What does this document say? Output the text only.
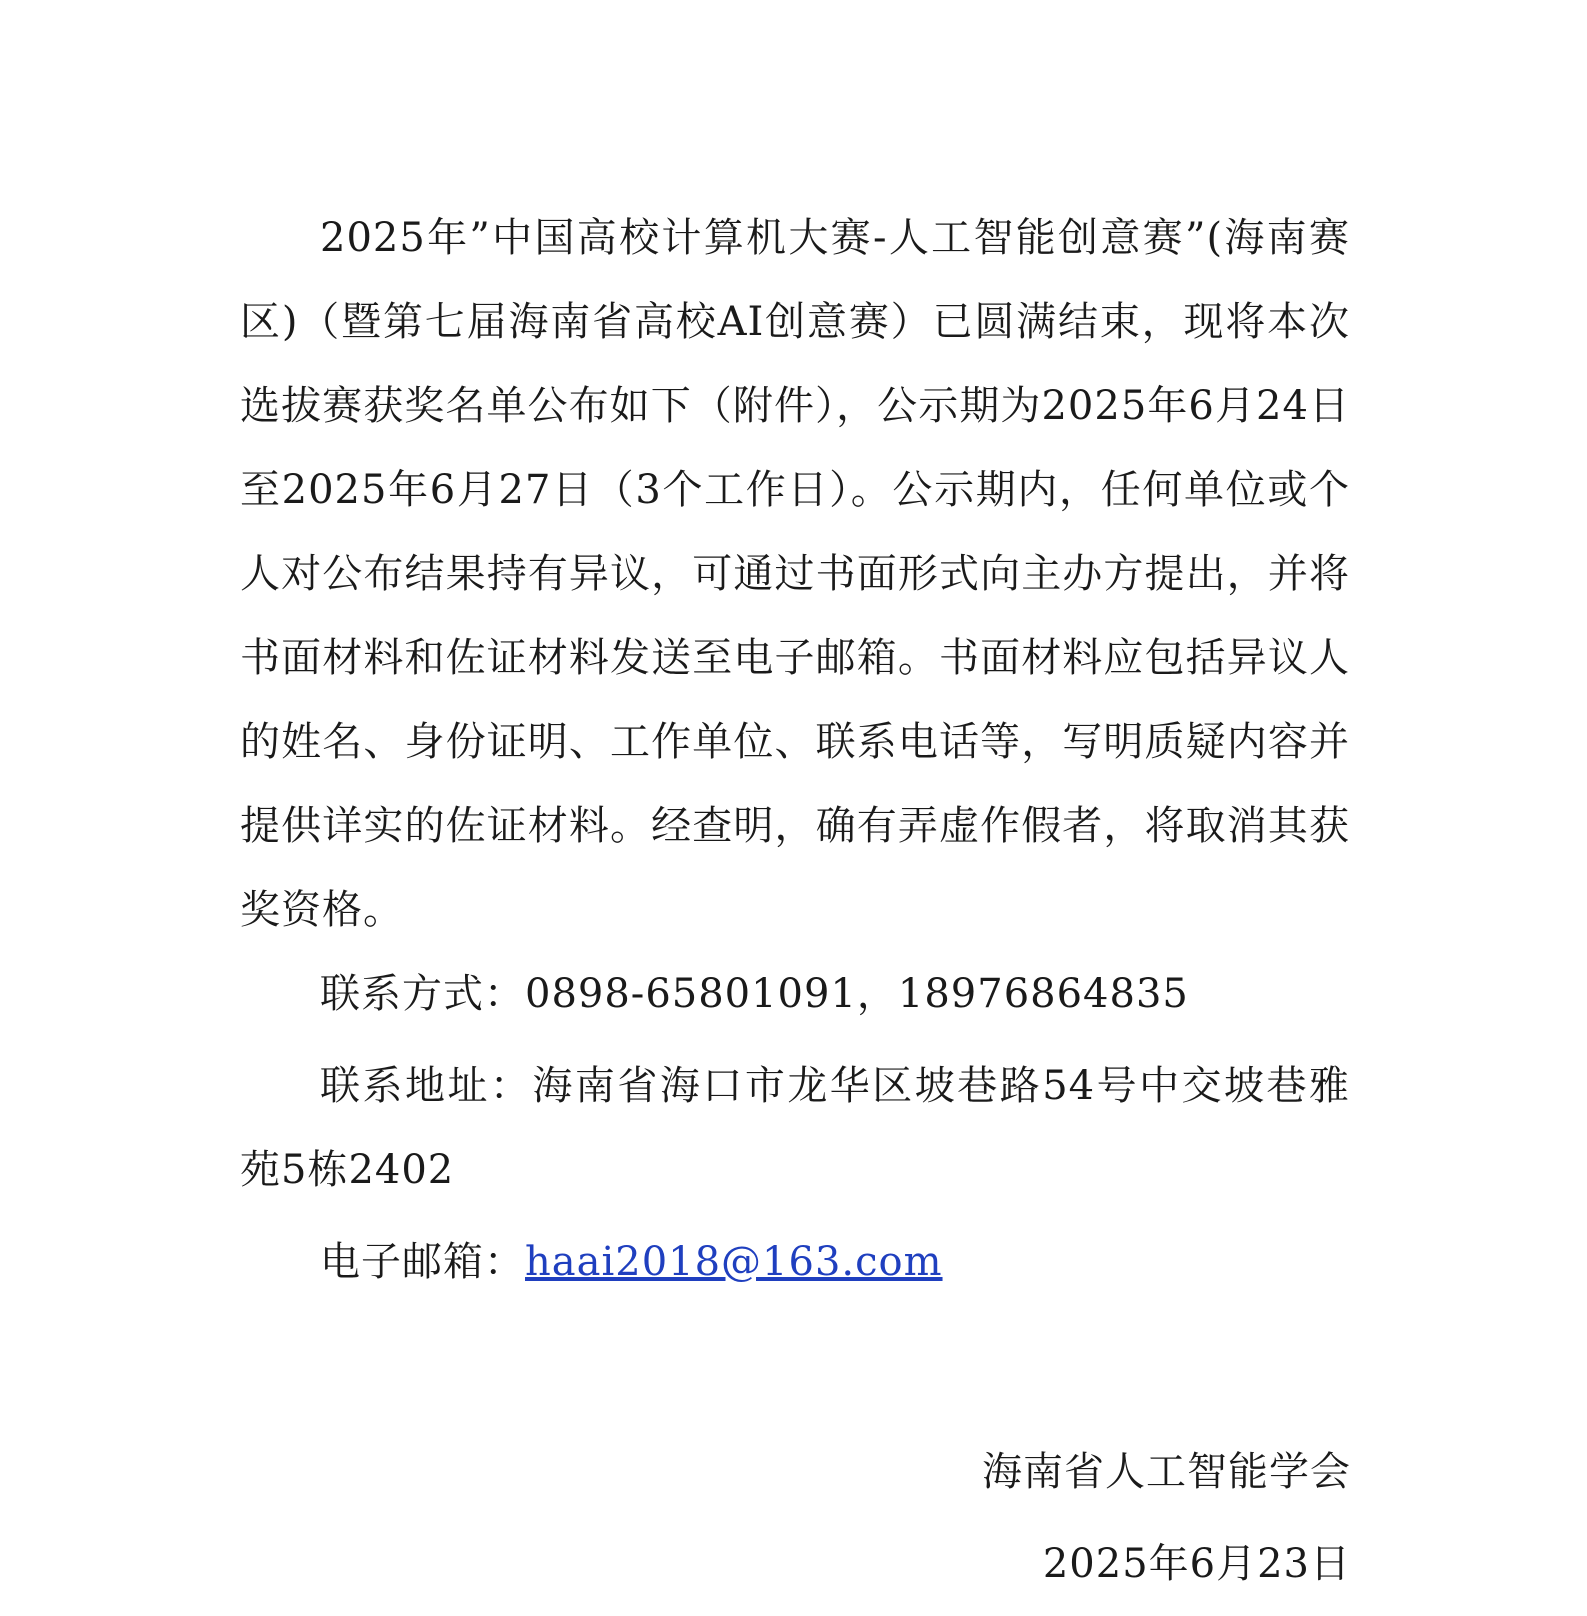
2025年”中国高校计算机大赛-人工智能创意赛”(海南赛区)（暨第七届海南省高校AI创意赛）已圆满结束，现将本次选拔赛获奖名单公布如下（附件），公示期为2025年6月24日至2025年6月27日（3个工作日）。公示期内，任何单位或个人对公布结果持有异议，可通过书面形式向主办方提出，并将书面材料和佐证材料发送至电子邮箱。书面材料应包括异议人的姓名、身份证明、工作单位、联系电话等，写明质疑内容并提供详实的佐证材料。经查明，确有弄虚作假者，将取消其获奖资格。

联系方式：0898-65801091，18976864835

联系地址：海南省海口市龙华区坡巷路54号中交坡巷雅苑5栋2402

电子邮箱：haai2018@163.com

海南省人工智能学会
2025年6月23日
